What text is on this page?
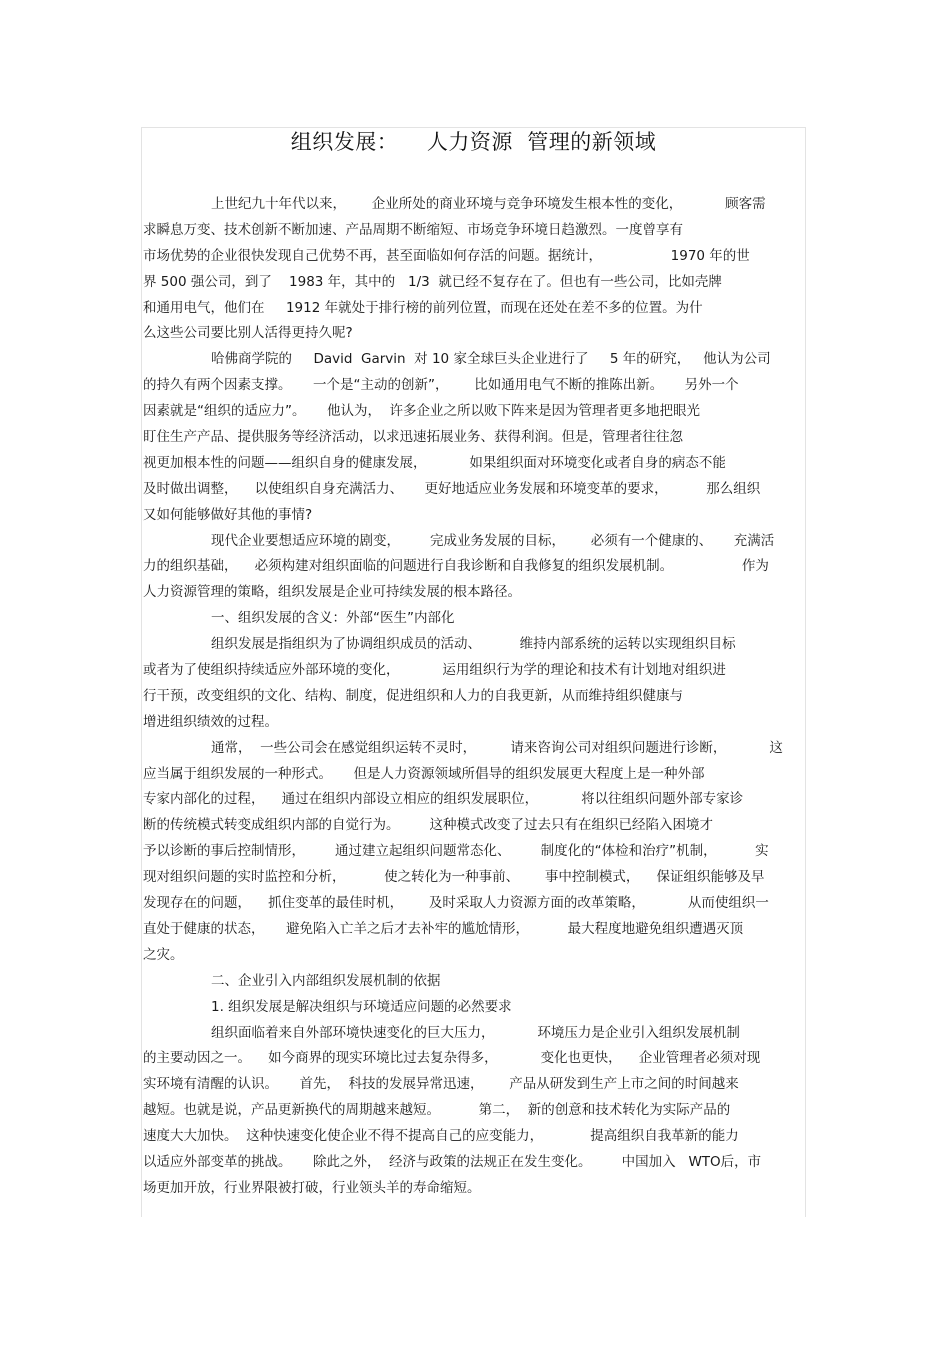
组织发展：    人力资源  管理的新领域
上世纪九十年代以来，      企业所处的商业环境与竞争环境发生根本性的变化，          顾客需
求瞬息万变、技术创新不断加速、产品周期不断缩短、市场竞争环境日趋激烈。一度曾享有
市场优势的企业很快发现自己优势不再，甚至面临如何存活的问题。据统计，                1970 年的世
界 500 强公司，到了    1983 年，其中的   1/3  就已经不复存在了。但也有一些公司，比如壳牌
和通用电气，他们在     1912 年就处于排行榜的前列位置，而现在还处在差不多的位置。为什
么这些公司要比别人活得更持久呢?
哈佛商学院的     David  Garvin  对 10 家全球巨头企业进行了     5 年的研究，   他认为公司
的持久有两个因素支撑。     一个是“主动的创新”，      比如通用电气不断的推陈出新。     另外一个
因素就是“组织的适应力”。     他认为，  许多企业之所以败下阵来是因为管理者更多地把眼光
盯住生产产品、提供服务等经济活动，以求迅速拓展业务、获得利润。但是，管理者往往忽
视更加根本性的问题——组织自身的健康发展，          如果组织面对环境变化或者自身的病态不能
及时做出调整，    以使组织自身充满活力、     更好地适应业务发展和环境变革的要求，         那么组织
又如何能够做好其他的事情?
现代企业要想适应环境的剧变，       完成业务发展的目标，      必须有一个健康的、     充满活
力的组织基础，    必须构建对组织面临的问题进行自我诊断和自我修复的组织发展机制。                作为
人力资源管理的策略，组织发展是企业可持续发展的根本路径。
一、组织发展的含义：外部“医生”内部化
组织发展是指组织为了协调组织成员的活动、         维持内部系统的运转以实现组织目标
或者为了使组织持续适应外部环境的变化，          运用组织行为学的理论和技术有计划地对组织进
行干预，改变组织的文化、结构、制度，促进组织和人力的自我更新，从而维持组织健康与
增进组织绩效的过程。
通常，  一些公司会在感觉组织运转不灵时，        请来咨询公司对组织问题进行诊断，          这
应当属于组织发展的一种形式。     但是人力资源领域所倡导的组织发展更大程度上是一种外部
专家内部化的过程，    通过在组织内部设立相应的组织发展职位，          将以往组织问题外部专家诊
断的传统模式转变成组织内部的自觉行为。       这种模式改变了过去只有在组织已经陷入困境才
予以诊断的事后控制情形，       通过建立起组织问题常态化、       制度化的“体检和治疗”机制，         实
现对组织问题的实时监控和分析，         使之转化为一种事前、      事中控制模式，    保证组织能够及早
发现存在的问题，    抓住变革的最佳时机，      及时采取人力资源方面的改革策略，          从而使组织一
直处于健康的状态，     避免陷入亡羊之后才去补牢的尴尬情形，         最大程度地避免组织遭遇灭顶
之灾。
二、企业引入内部组织发展机制的依据
1. 组织发展是解决组织与环境适应问题的必然要求
组织面临着来自外部环境快速变化的巨大压力，          环境压力是企业引入组织发展机制
的主要动因之一。    如今商界的现实环境比过去复杂得多，          变化也更快，    企业管理者必须对现
实环境有清醒的认识。     首先，  科技的发展异常迅速，      产品从研发到生产上市之间的时间越来
越短。也就是说，产品更新换代的周期越来越短。         第二，  新的创意和技术转化为实际产品的
速度大大加快。  这种快速变化使企业不得不提高自己的应变能力，           提高组织自我革新的能力
以适应外部变革的挑战。     除此之外，  经济与政策的法规正在发生变化。       中国加入   WTO后，市
场更加开放，行业界限被打破，行业领头羊的寿命缩短。
